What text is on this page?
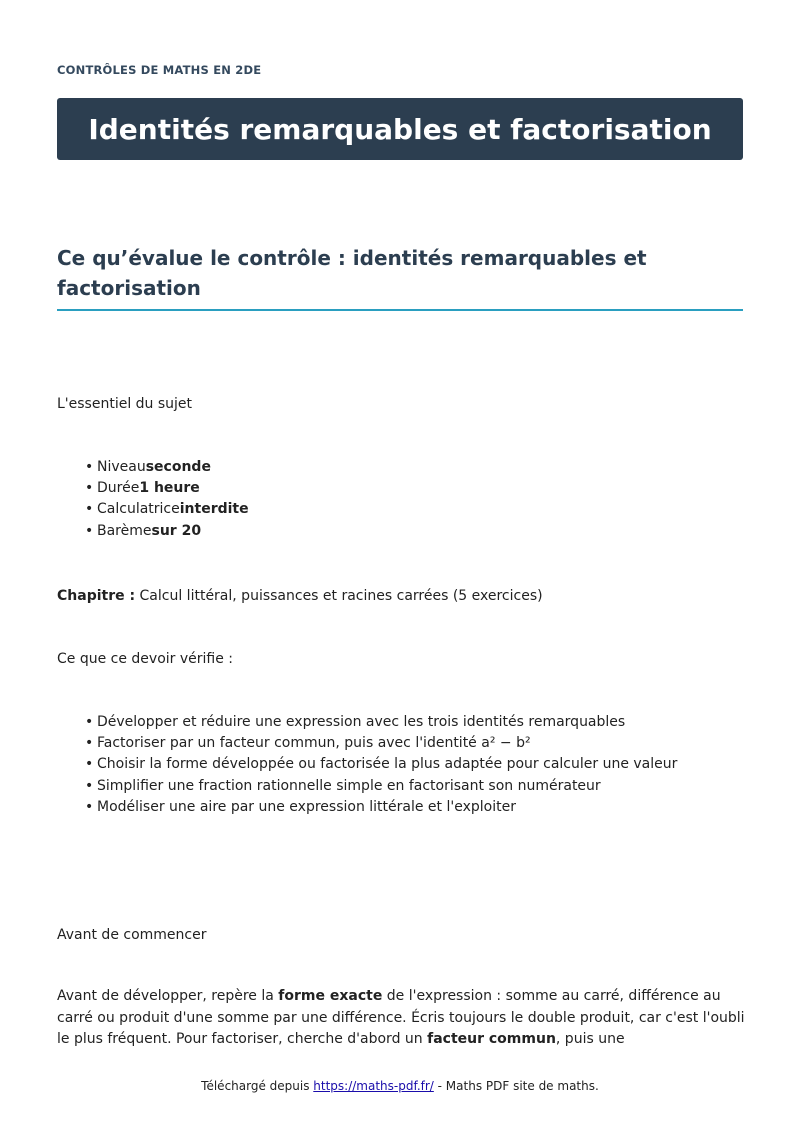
CONTRÔLES DE MATHS EN 2DE
Identités remarquables et factorisation
Ce qu’évalue le contrôle : identités remarquables et factorisation
L'essentiel du sujet
• Niveauseconde
• Durée1 heure
• Calculatriceinterdite
• Barèmesur 20
Chapitre : Calcul littéral, puissances et racines carrées (5 exercices)
Ce que ce devoir vérifie :
• Développer et réduire une expression avec les trois identités remarquables
• Factoriser par un facteur commun, puis avec l'identité a² − b²
• Choisir la forme développée ou factorisée la plus adaptée pour calculer une valeur
• Simplifier une fraction rationnelle simple en factorisant son numérateur
• Modéliser une aire par une expression littérale et l'exploiter
Avant de commencer
Avant de développer, repère la forme exacte de l'expression : somme au carré, différence au carré ou produit d'une somme par une différence. Écris toujours le double produit, car c'est l'oubli le plus fréquent. Pour factoriser, cherche d'abord un facteur commun, puis une
Téléchargé depuis https://maths-pdf.fr/ - Maths PDF site de maths.
